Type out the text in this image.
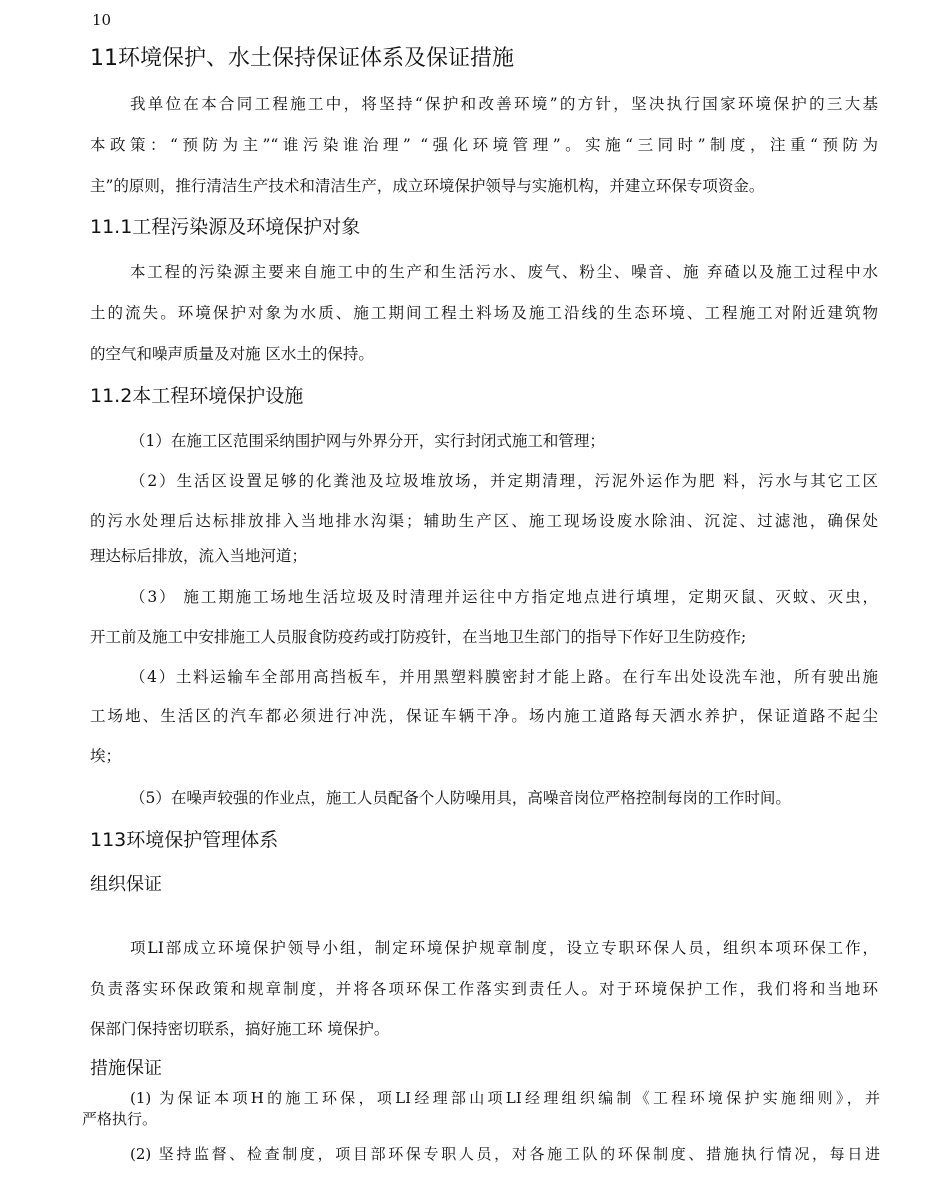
10
11环境保护、水土保持保证体系及保证措施
我单位在本合同工程施工中，将坚持“保护和改善环境”的方针，坚决执行国家环境保护的三大基
本政策：“预防为主”“谁污染谁治理” “强化环境管理”。实施“三同时”制度，注重“预防为
主”的原则，推行清洁生产技术和清洁生产，成立环境保护领导与实施机构，并建立环保专项资金。
11.1工程污染源及环境保护对象
本工程的污染源主要来自施工中的生产和生活污水、废气、粉尘、噪音、施 弃碴以及施工过程中水
土的流失。环境保护对象为水质、施工期间工程土料场及施工沿线的生态环境、工程施工对附近建筑物
的空气和噪声质量及对施 区水土的保持。
11.2本工程环境保护设施
（1）在施工区范围采纳围护网与外界分开，实行封闭式施工和管理；
（2）生活区设置足够的化粪池及垃圾堆放场，并定期清理，污泥外运作为肥 料，污水与其它工区
的污水处理后达标排放排入当地排水沟渠；辅助生产区、施工现场设废水除油、沉淀、过滤池，确保处
理达标后排放，流入当地河道；
（3） 施工期施工场地生活垃圾及时清理并运往中方指定地点进行填埋，定期灭鼠、灭蚊、灭虫，
开工前及施工中安排施工人员服食防疫药或打防疫针，在当地卫生部门的指导下作好卫生防疫作;
（4）土料运输车全部用高挡板车，并用黑塑料膜密封才能上路。在行车出处设洗车池，所有驶出施
工场地、生活区的汽车都必须进行冲洗，保证车辆干净。场内施工道路每天洒水养护，保证道路不起尘
埃；
（5）在噪声较强的作业点，施工人员配备个人防噪用具，高噪音岗位严格控制每岗的工作时间。
113环境保护管理体系
组织保证
项LI部成立环境保护领导小组，制定环境保护规章制度，设立专职环保人员，组织本项环保工作，
负责落实环保政策和规章制度，并将各项环保工作落实到责任人。对于环境保护工作，我们将和当地环
保部门保持密切联系，搞好施工环 境保护。
措施保证
(1) 为保证本项H的施工环保，项LI经理部山项LI经理组织编制《工程环境保护实施细则》，并
严格执行。
(2) 坚持监督、检查制度，项目部环保专职人员，对各施工队的环保制度、措施执行情况，每日进
